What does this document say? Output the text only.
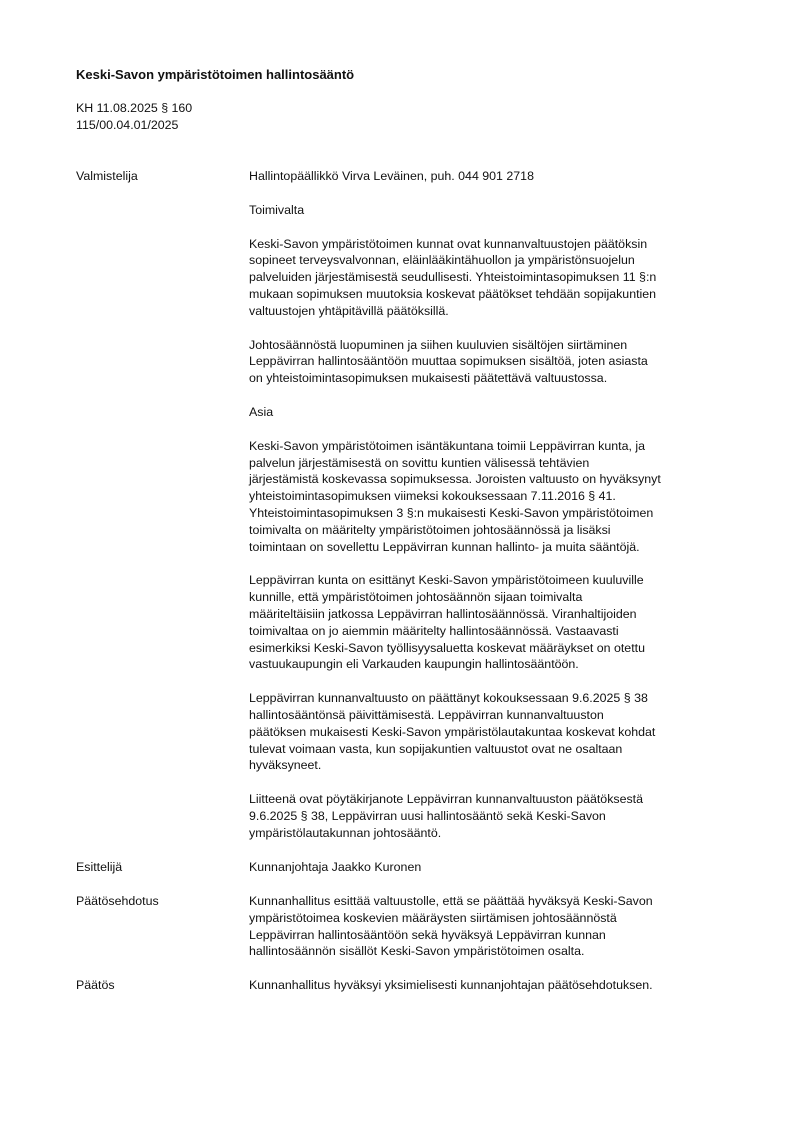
Keski-Savon ympäristötoimen hallintosääntö
KH 11.08.2025 § 160
115/00.04.01/2025
Valmistelija	Hallintopäällikkö Virva Leväinen, puh. 044 901 2718

Toimivalta

Keski-Savon ympäristötoimen kunnat ovat kunnanvaltuustojen päätöksin
sopineet terveysvalvonnan, eläinlääkintähuollon ja ympäristönsuojelun
palveluiden järjestämisestä seudullisesti. Yhteistoimintasopimuksen 11 §:n
mukaan sopimuksen muutoksia koskevat päätökset tehdään sopijakuntien
valtuustojen yhtäpitävillä päätöksillä.
Johtosäännöstä luopuminen ja siihen kuuluvien sisältöjen siirtäminen
Leppävirran hallintosääntöön muuttaa sopimuksen sisältöä, joten asiasta
on yhteistoimintasopimuksen mukaisesti päätettävä valtuustossa.

Asia

Keski-Savon ympäristötoimen isäntäkuntana toimii Leppävirran kunta, ja
palvelun järjestämisestä on sovittu kuntien välisessä tehtävien
järjestämistä koskevassa sopimuksessa. Joroisten valtuusto on hyväksynyt
yhteistoimintasopimuksen viimeksi kokouksessaan 7.11.2016 § 41.
Yhteistoimintasopimuksen 3 §:n mukaisesti Keski-Savon ympäristötoimen
toimivalta on määritelty ympäristötoimen johtosäännössä ja lisäksi
toimintaan on sovellettu Leppävirran kunnan hallinto- ja muita sääntöjä.
Leppävirran kunta on esittänyt Keski-Savon ympäristötoimeen kuuluville
kunnille, että ympäristötoimen johtosäännön sijaan toimivalta
määriteltäisiin jatkossa Leppävirran hallintosäännössä. Viranhaltijoiden
toimivaltaa on jo aiemmin määritelty hallintosäännössä. Vastaavasti
esimerkiksi Keski-Savon työllisyysaluetta koskevat määräykset on otettu
vastuukaupungin eli Varkauden kaupungin hallintosääntöön.
Leppävirran kunnanvaltuusto on päättänyt kokouksessaan 9.6.2025 § 38
hallintosääntönsä päivittämisestä. Leppävirran kunnanvaltuuston
päätöksen mukaisesti Keski-Savon ympäristölautakuntaa koskevat kohdat
tulevat voimaan vasta, kun sopijakuntien valtuustot ovat ne osaltaan
hyväksyneet.
Liitteenä ovat pöytäkirjanote Leppävirran kunnanvaltuuston päätöksestä
9.6.2025 § 38, Leppävirran uusi hallintosääntö sekä Keski-Savon
ympäristölautakunnan johtosääntö.
Esittelijä	Kunnanjohtaja Jaakko Kuronen
Päätösehdotus	Kunnanhallitus esittää valtuustolle, että se päättää hyväksyä Keski-Savon
ympäristötoimea koskevien määräysten siirtämisen johtosäännöstä
Leppävirran hallintosääntöön sekä hyväksyä Leppävirran kunnan
hallintosäännön sisällöt Keski-Savon ympäristötoimen osalta.
Päätös	Kunnanhallitus hyväksyi yksimielisesti kunnanjohtajan päätösehdotuksen.
